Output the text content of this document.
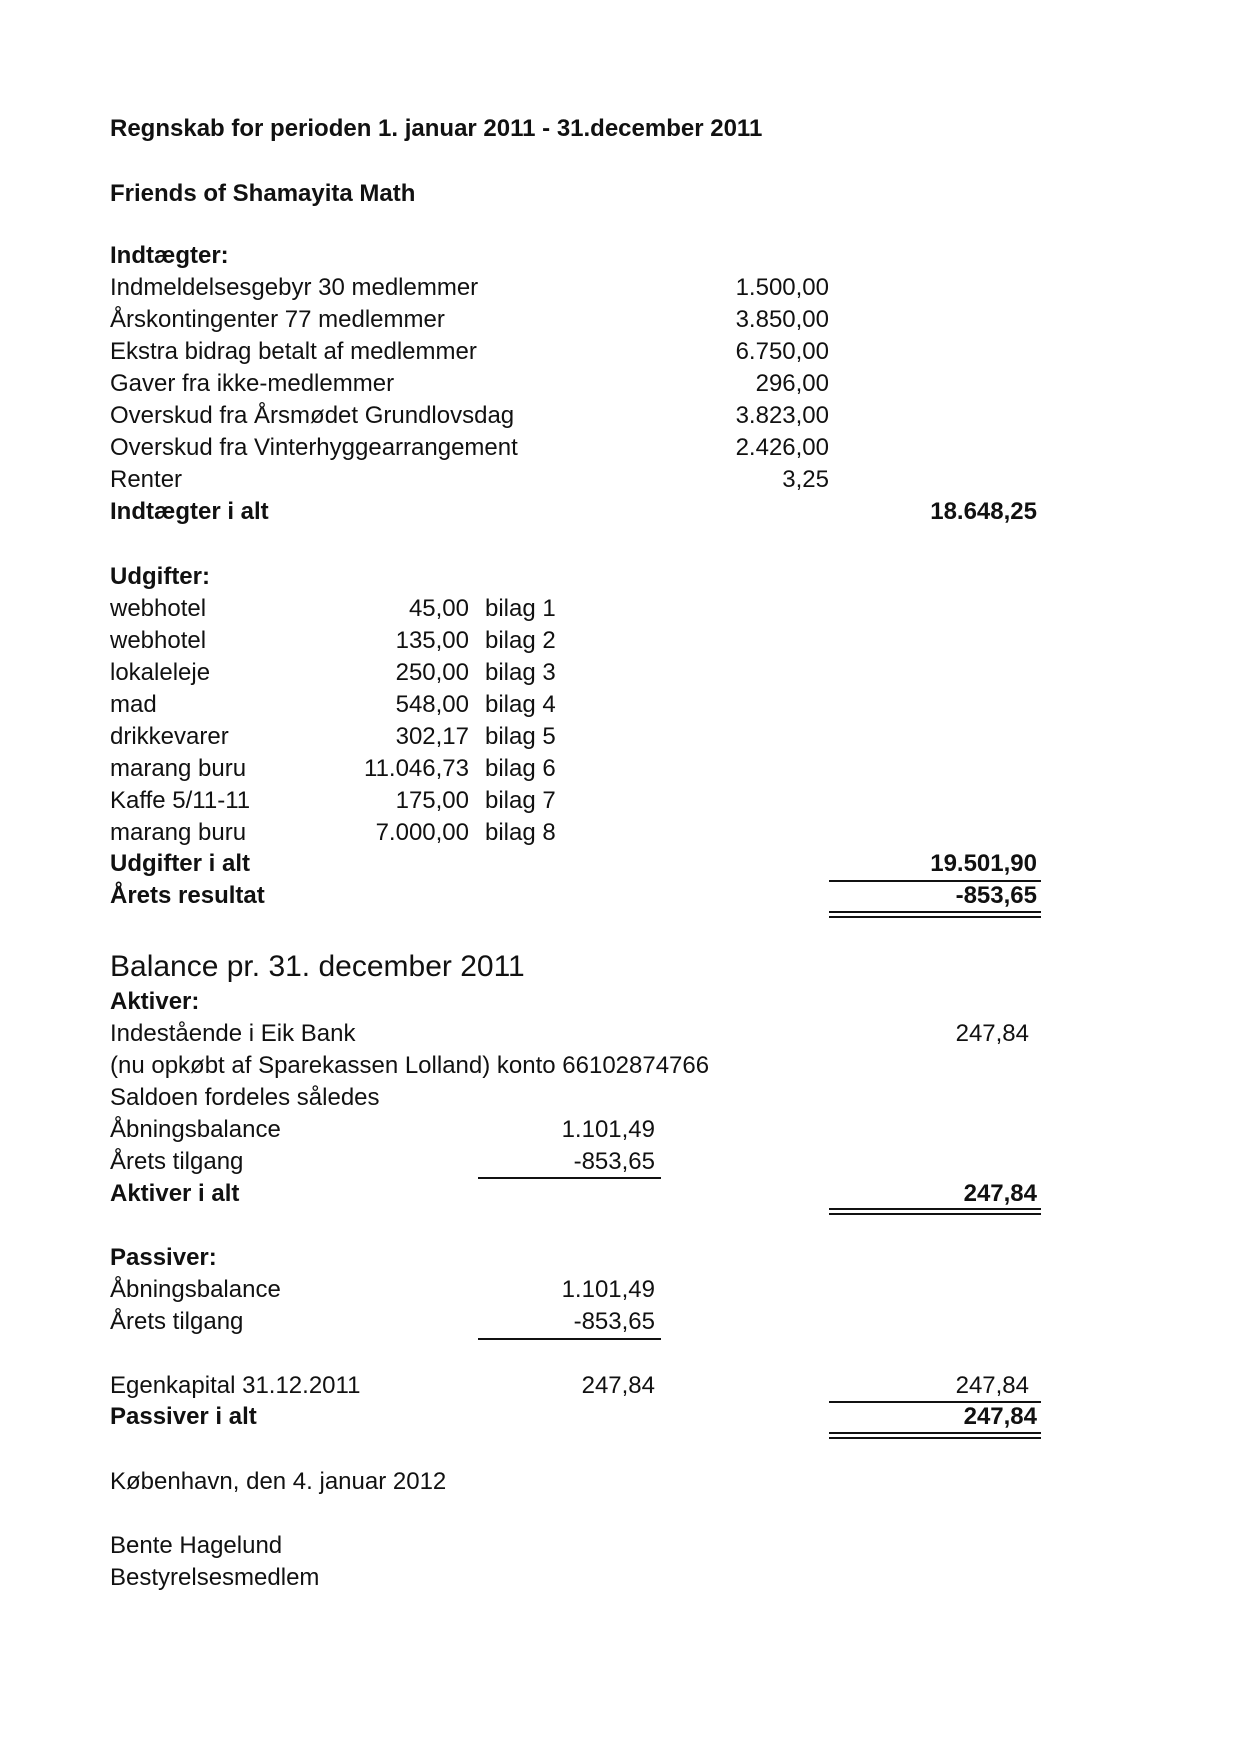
Regnskab for perioden 1. januar 2011 - 31.december 2011

Friends of Shamayita Math

Indtægter:

Indmeldelsesgebyr 30 medlemmer	1.500,00

Årskontingenter 77 medlemmer	3.850,00

Ekstra bidrag betalt af medlemmer	6.750,00

Gaver fra ikke-medlemmer	296,00

Overskud fra Årsmødet Grundlovsdag	3.823,00

Overskud fra Vinterhyggearrangement	2.426,00

Renter	3,25

Indtægter i alt	18.648,25

Udgifter:

webhotel	45,00 bilag 1

webhotel	135,00 bilag 2

lokaleleje	250,00 bilag 3

mad	548,00 bilag 4

drikkevarer	302,17 bilag 5

marang buru	11.046,73 bilag 6

Kaffe 5/11-11	175,00 bilag 7

marang buru	7.000,00 bilag 8

Udgifter i alt	19.501,90

Årets resultat	-853,65

Balance pr. 31. december 2011

Aktiver:

Indestående i Eik Bank	247,84

(nu opkøbt af Sparekassen Lolland) konto 66102874766

Saldoen fordeles således

Åbningsbalance	1.101,49

Årets tilgang	-853,65

Aktiver i alt	247,84

Passiver:

Åbningsbalance	1.101,49

Årets tilgang	-853,65

Egenkapital 31.12.2011	247,84	247,84

Passiver i alt	247,84

København, den 4. januar 2012

Bente Hagelund

Bestyrelsesmedlem
